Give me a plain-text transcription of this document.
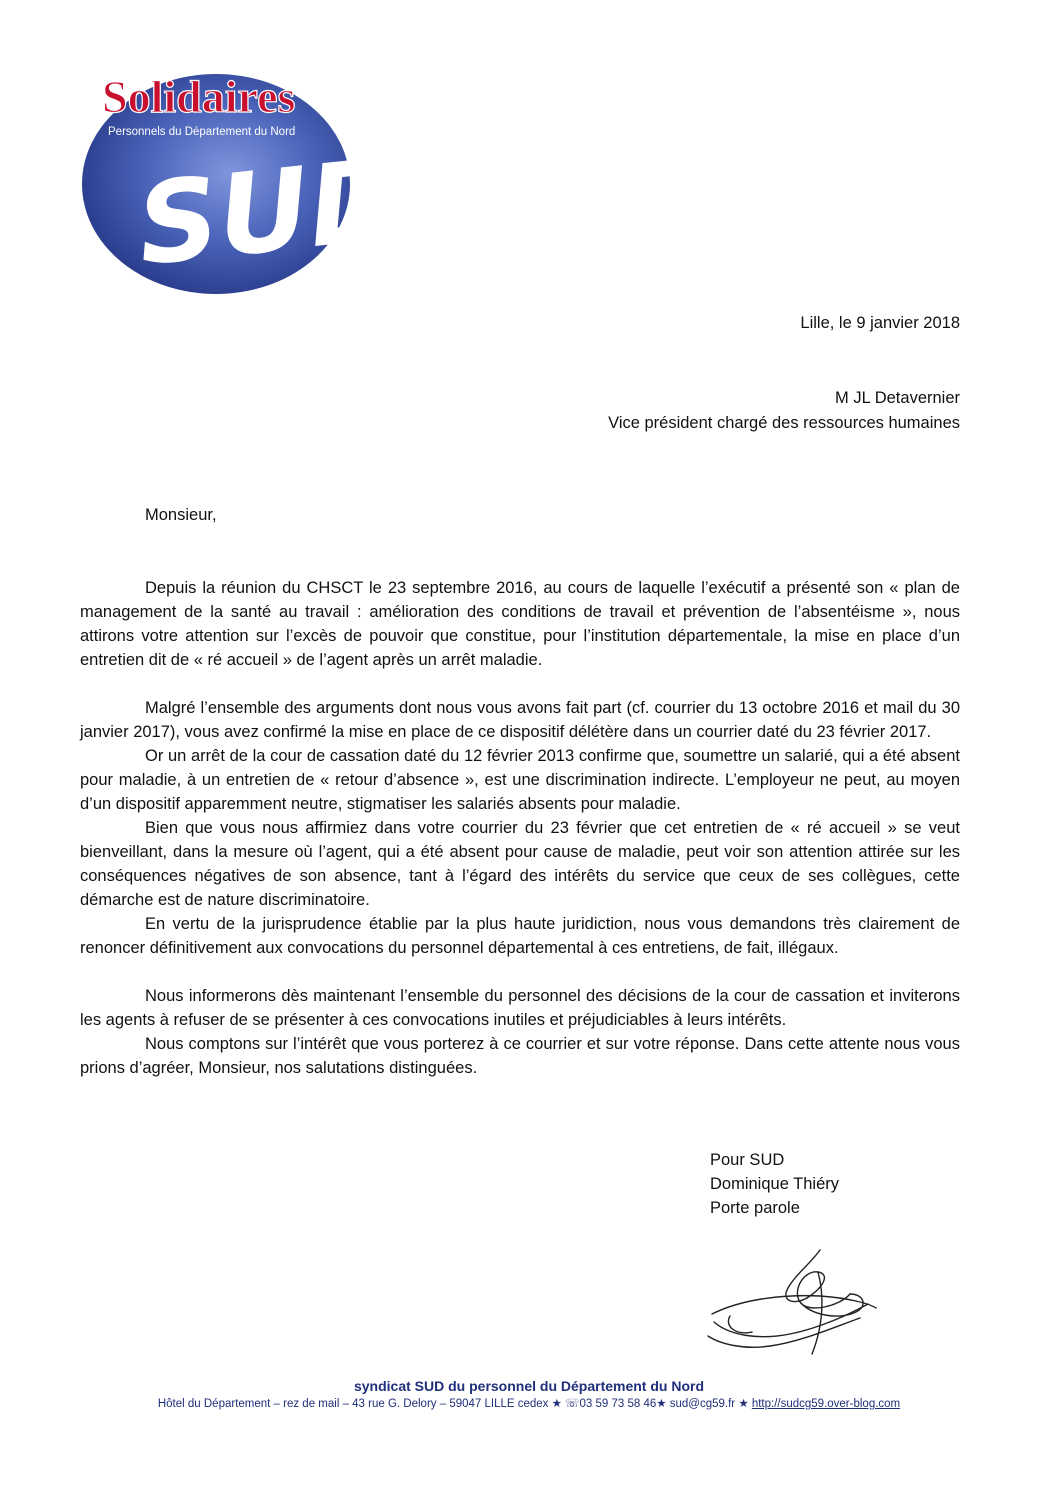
Solidaires
Personnels du Département du Nord
SUD
Lille, le 9 janvier 2018
M JL Detavernier
Vice président chargé des ressources humaines
Monsieur,

Depuis la réunion du CHSCT le 23 septembre 2016, au cours de laquelle l’exécutif a présenté son « plan de management de la santé au travail : amélioration des conditions de travail et prévention de l’absentéisme », nous attirons votre attention sur l’excès de pouvoir que constitue, pour l’institution départementale, la mise en place d’un entretien dit de « ré accueil » de l’agent après un arrêt maladie.

Malgré l’ensemble des arguments dont nous vous avons fait part (cf. courrier du 13 octobre 2016 et mail du 30 janvier 2017), vous avez confirmé la mise en place de ce dispositif délétère dans un courrier daté du 23 février 2017.

Or un arrêt de la cour de cassation daté du 12 février 2013 confirme que, soumettre un salarié, qui a été absent pour maladie, à un entretien de « retour d’absence », est une discrimination indirecte. L’employeur ne peut, au moyen d’un dispositif apparemment neutre, stigmatiser les salariés absents pour maladie.

Bien que vous nous affirmiez dans votre courrier du 23 février que cet entretien de « ré accueil » se veut bienveillant, dans la mesure où l’agent, qui a été absent pour cause de maladie, peut voir son attention attirée sur les conséquences négatives de son absence, tant à l’égard des intérêts du service que ceux de ses collègues, cette démarche est de nature discriminatoire.

En vertu de la jurisprudence établie par la plus haute juridiction, nous vous demandons très clairement de renoncer définitivement aux convocations du personnel départemental à ces entretiens, de fait, illégaux.

Nous informerons dès maintenant l’ensemble du personnel des décisions de la cour de cassation et inviterons les agents à refuser de se présenter à ces convocations inutiles et préjudiciables à leurs intérêts.

Nous comptons sur l’intérêt que vous porterez à ce courrier et sur votre réponse. Dans cette attente nous vous prions d’agréer, Monsieur, nos salutations distinguées.

Pour SUD
Dominique Thiéry
Porte parole
syndicat SUD du personnel du Département du Nord
Hôtel du Département – rez de mail – 43 rue G. Delory – 59047 LILLE cedex ★ ☏03 59 73 58 46★ sud@cg59.fr ★ http://sudcg59.over-blog.com
